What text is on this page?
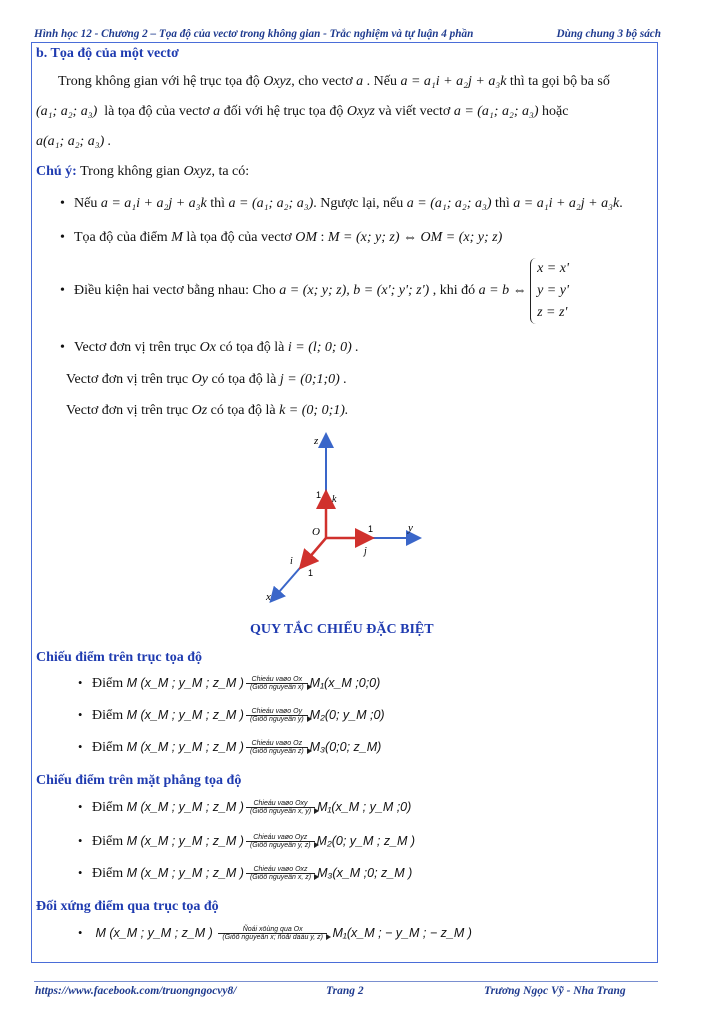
Hình học 12 - Chương 2 – Tọa độ của vectơ trong không gian - Trắc nghiệm và tự luận 4 phần	Dùng chung 3 bộ sách
b. Tọa độ của một vectơ
Trong không gian với hệ trục tọa độ Oxyz, cho vectơ a . Nếu a = a₁i + a₂j + a₃k thì ta gọi bộ ba số
(a₁; a₂; a₃) là tọa độ của vectơ a đối với hệ trục tọa độ Oxyz và viết vectơ a = (a₁; a₂; a₃) hoặc
a(a₁; a₂; a₃) .
Chú ý: Trong không gian Oxyz, ta có:
• Nếu a = a₁i + a₂j + a₃k thì a = (a₁; a₂; a₃). Ngược lại, nếu a = (a₁; a₂; a₃) thì a = a₁i + a₂j + a₃k.
• Tọa độ của điểm M là tọa độ của vectơ OM : M = (x; y; z) ⇔ OM = (x; y; z)
• Điều kiện hai vectơ bằng nhau: Cho a = (x; y; z), b = (x'; y'; z') , khi đó a = b ⇔
x = x'
y = y'
z = z'
• Vectơ đơn vị trên trục Ox có tọa độ là i = (l; 0; 0) .
Vectơ đơn vị trên trục Oy có tọa độ là j = (0;1;0) .
Vectơ đơn vị trên trục Oz có tọa độ là k = (0; 0;1).
z
y
x
O
1
1
1
k
j
i
QUY TẮC CHIẾU ĐẶC BIỆT
Chiếu điểm trên trục tọa độ
• Điểm M (x_M ; y_M ; z_M )	Chieáu vaøo Ox
(Giöõ nguyeân x) M₁(x_M ;0;0)
• Điểm M (x_M ; y_M ; z_M )	Chieáu vaøo Oy
(Giöõ nguyeân y) M₂(0; y_M ;0)
• Điểm M (x_M ; y_M ; z_M )	Chieáu vaøo Oz
(Giöõ nguyeân z) M₃(0;0; z_M)
Chiếu điểm trên mặt phẳng tọa độ
• Điểm M (x_M ; y_M ; z_M )	Chieáu vaøo Oxy
(Giöõ nguyeân x, y) M₁(x_M ; y_M ;0)
• Điểm M (x_M ; y_M ; z_M )	Chieáu vaøo Oyz
(Giöõ nguyeân y, z) M₂(0; y_M ; z_M )
• Điểm M (x_M ; y_M ; z_M )	Chieáu vaøo Oxz
(Giöõ nguyeân x, z) M₃(x_M ;0; z_M )
Đối xứng điểm qua trục tọa độ
• M (x_M ; y_M ; z_M )	Ñoái xöùng qua Ox
(Giöõ nguyeân x; ñoåi daáu y, z) M₁(x_M ; − y_M ; − z_M )
https://www.facebook.com/truongngocvy8/	Trang 2	Trương Ngọc Vỹ - Nha Trang
